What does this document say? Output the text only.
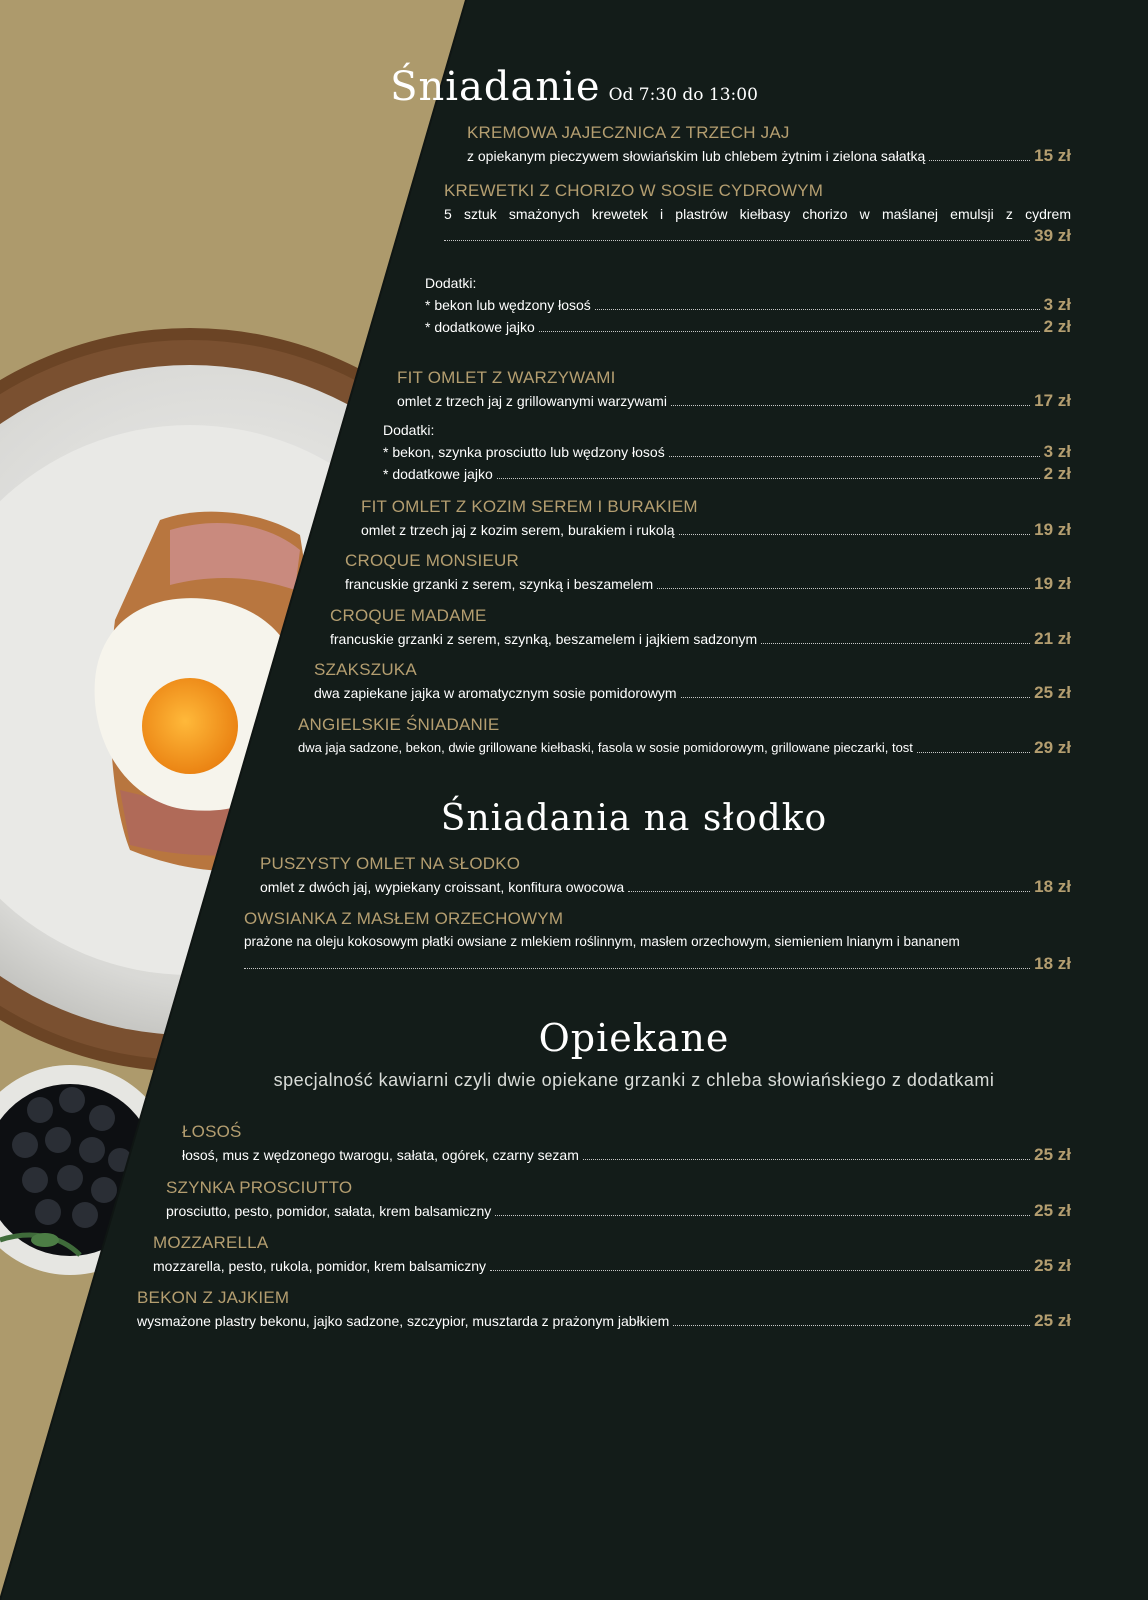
Śniadanie Od 7:30 do 13:00
KREMOWA JAJECZNICA Z TRZECH JAJ
z opiekanym pieczywem słowiańskim lub chlebem żytnim i zielona sałatką	15 zł
KREWETKI Z CHORIZO W SOSIE CYDROWYM
5 sztuk smażonych krewetek i plastrów kiełbasy chorizo w maślanej emulsji z cydrem
39 zł
Dodatki:
* bekon lub wędzony łosoś	3 zł
* dodatkowe jajko	2 zł
FIT OMLET Z WARZYWAMI
omlet z trzech jaj z grillowanymi warzywami	17 zł
Dodatki:
* bekon, szynka prosciutto lub wędzony łosoś	3 zł
* dodatkowe jajko	2 zł
FIT OMLET Z KOZIM SEREM I BURAKIEM
omlet z trzech jaj z kozim serem, burakiem i rukolą	19 zł
CROQUE MONSIEUR
francuskie grzanki z serem, szynką i beszamelem	19 zł
CROQUE MADAME
francuskie grzanki z serem, szynką, beszamelem i jajkiem sadzonym	21 zł
SZAKSZUKA
dwa zapiekane jajka w aromatycznym sosie pomidorowym	25 zł
ANGIELSKIE ŚNIADANIE
dwa jaja sadzone, bekon, dwie grillowane kiełbaski, fasola w sosie pomidorowym, grillowane pieczarki, tost	29 zł
Śniadania na słodko
PUSZYSTY OMLET NA SŁODKO
omlet z dwóch jaj, wypiekany croissant, konfitura owocowa	18 zł
OWSIANKA Z MASŁEM ORZECHOWYM
prażone na oleju kokosowym płatki owsiane z mlekiem roślinnym, masłem orzechowym, siemieniem lnianym i bananem
18 zł
Opiekane
specjalność kawiarni czyli dwie opiekane grzanki z chleba słowiańskiego z dodatkami
ŁOSOŚ
łosoś, mus z wędzonego twarogu, sałata, ogórek, czarny sezam	25 zł
SZYNKA PROSCIUTTO
prosciutto, pesto, pomidor, sałata, krem balsamiczny	25 zł
MOZZARELLA
mozzarella, pesto, rukola, pomidor, krem balsamiczny	25 zł
BEKON Z JAJKIEM
wysmażone plastry bekonu, jajko sadzone, szczypior, musztarda z prażonym jabłkiem	25 zł
